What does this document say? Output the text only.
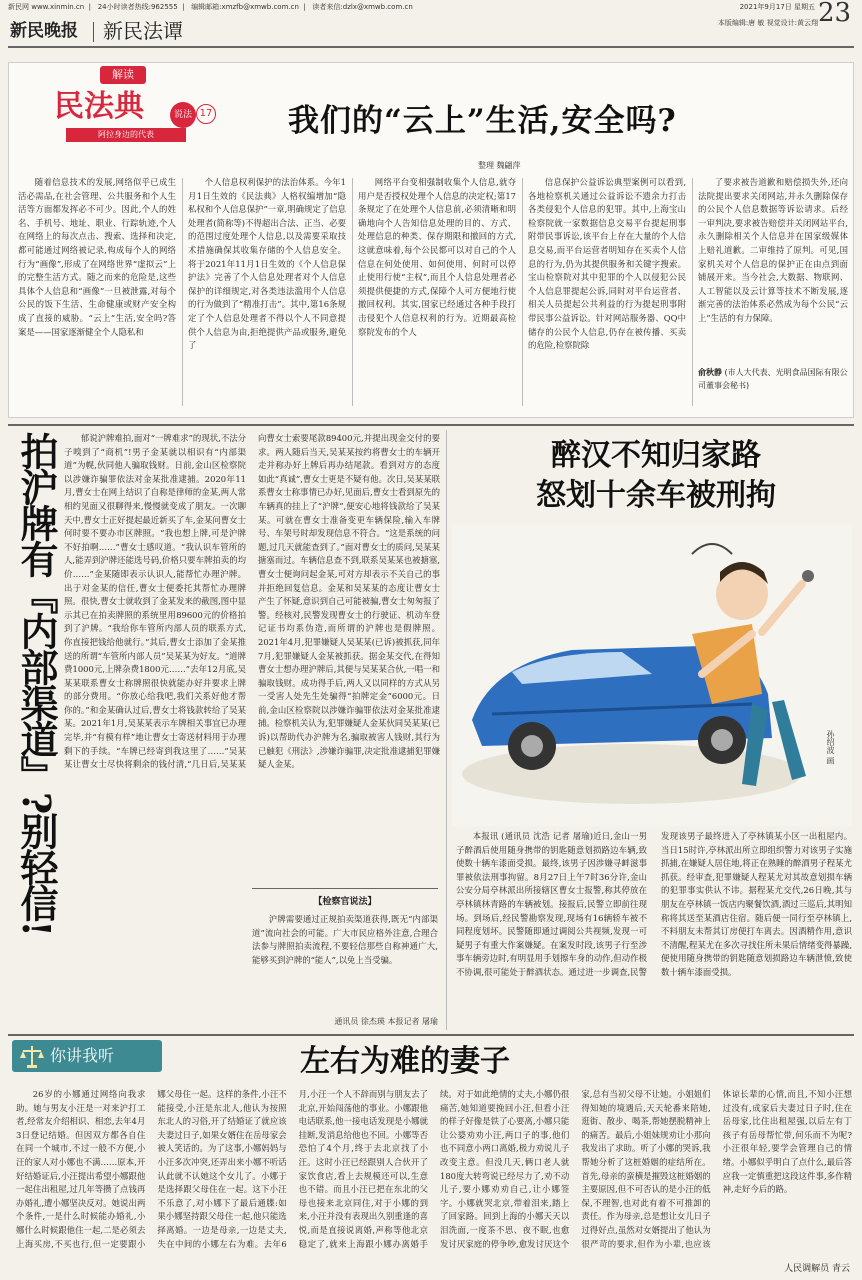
新民网 www.xinmin.cn  |   24小时读者热线:962555  |   编辑邮箱:xmzfb@xmwb.com.cn  |   读者来信:dzlx@xmwb.com.cn	2021年9月17日 星期五 23
新民晚报	新民法谭	本版编辑:唐 敏 视觉设计:黄云翔
解读
民法典	说法 17
阿拉身边的代表	我们的“云上”生活,安全吗?
整理 魏翩萍
随着信息技术的发展,网络似乎已成生活必需品,在社会管理、公共服务和个人生活等方面都发挥必不可少。因此,个人的姓名、手机号、地址、职业、行踪轨迹,个人在网络上的每次点击、搜索、选择和决定,都可能通过网络被记录,构成每个人的网络行为“画像”,形成了在网络世界“虚拟云”上的完整生活方式。随之而来的危险是,这些具体个人信息和“画像”一旦被泄露,对每个公民的饭下生活、生命健康或财产安全构成了直接的威胁。“云上”生活,安全吗?答案是——国家逐渐健全个人隐私和
个人信息权利保护的法治体系。今年1月1日生效的《民法典》人格权编增加“隐私权和个人信息保护”一章,明确规定了信息处理者(简称等)不得超出合法、正当、必要的范围过度处理个人信息,以及需要采取技术措施确保其收集存储的个人信息安全。将于2021年11月1日生效的《个人信息保护法》完善了个人信息处理者对个人信息保护的详细规定,对各类违法滥用个人信息的行为做到了“精准打击”。其中,第16条规定了个人信息处理者不得以个人不同意提供个人信息为由,拒绝提供产品或服务,避免了
网络平台变相强制收集个人信息,就夺用户是否授权处理个人信息的决定权;第17条规定了在处理个人信息前,必须清晰和明确地向个人告知信息处理的目的、方式、处理信息的种类、保存期限和撤回的方式,这就意味着,每个公民都可以对自己的个人信息在何处使用、如何使用、何时可以停止使用行使“主权”,而且个人信息处理者必须提供便捷的方式,保障个人可方便地行使撤回权利。其实,国家已经通过各种手段打击侵犯个人信息权利的行为。近期最高检察院发布的个人
信息保护公益诉讼典型案例可以看到,各地检察机关通过公益诉讼不遗余力打击各类侵犯个人信息的犯罪。其中,上海宝山检察院就一家数据信息交易平台提起刑事附带民事诉讼,该平台上存在大量的个人信息交易,而平台运营者明知存在买卖个人信息的行为,仍为其提供服务和关键字搜索。宝山检察院对其中犯罪的个人以侵犯公民个人信息罪提起公诉,同时对平台运营者、相关人员提起公共利益的行为提起刑事附带民事公益诉讼。针对网站服务器、QQ中储存的公民个人信息,仍存在被传播、买卖的危险,检察院除
了要求被告道歉和赔偿损失外,还向法院提出要求关闭网站,并永久删除保存的公民个人信息数据等诉讼请求。后经一审判决,要求被告赔偿并关闭网站平台,永久删除相关个人信息并在国家级媒体上赔礼道歉。二审维持了原判。可见,国家机关对个人信息的保护正在由点到面铺展开来。当今社会,大数据、物联网、人工智能以及云计算等技术不断发展,逐渐完善的法治体系必然成为每个公民“云上”生活的有力保障。
俞秋静 (市人大代表、光明食品国际有限公司董事会秘书)
拍沪牌有『内部渠道』?别轻信!	郁说沪牌难拍,面对“一牌难求”的现状,不法分子嗅到了“商机”!男子金某就以相识有“内部渠道”为幌,伙同他人骗取钱财。日前,金山区检察院以涉嫌诈骗罪依法对金某批准逮捕。2020年11月,曹女士在网上结识了自称是律师的金某,两人常相约见面又很聊得来,慢慢就变成了朋友。一次聊天中,曹女士正好提起最近新买了车,金某问曹女士何时要不要办市区牌照。“我也想上牌,可是沪牌不好拍啊……”曹女士感叹道。“我认识车管所的人,能弄到沪牌还能选号码,价格只要车牌拍卖的均价……”金某随即表示认识人,能帮忙办理沪牌。出于对金某的信任,曹女士便委托其帮忙办理牌照。很快,曹女士就收到了金某发来的截图,图中显示其已在拍卖牌照的系统里用89600元的价格拍到了沪牌。“我给你车管所内部人员的联系方式,你直接把钱给他就行。”其后,曹女士添加了金某推送的所谓“车管所内部人员”吴某某为好友。“道牌费1000元,上牌杂费1800元……”去年12月底,吴某某联系曹女士称牌照很快就能办好并要求上牌的部分费用。“你放心给我吧,我们关系好他才帮你的。”和金某确认过后,曹女士将钱款转给了吴某某。2021年1月,吴某某表示车牌相关事宜已办理完毕,并“有模有样”地让曹女士寄送材料用于办理剩下的手续。“车牌已经寄到我这里了……”吴某某让曹女士尽快将剩余的钱付清,“几日后,吴某某向曹女士索要尾款89400元,并提出现金交付的要求。两人随后当天,吴某某按约将曹女士的车辆开走并称办好上牌后再办结尾款。看到对方的态度如此“真诚”,曹女士更是不疑有他。次日,吴某某联系曹女士称事情已办好,见面后,曹女士看到原先的车辆真的挂上了“沪牌”,便安心地将钱款给了吴某某。可就在曹女士准备变更车辆保险,输入车牌号、车架号时却发现信息不符合。“这是系统的问题,过几天就能查到了。”面对曹女士的质问,吴某某搪塞而过。车辆信息查不到,联系吴某某也被搪塞,曹女士便询问起金某,可对方却表示不关自己的事并拒绝回复信息。金某和吴某某的态度让曹女士产生了怀疑,意识到自己可能被骗,曹女士匆匆报了警。经核对,民警发现曹女士的行驶证、机动车登记证书均系伪造,而所谓的沪牌也是假牌照。2021年4月,犯罪嫌疑人吴某某(已诉)被抓获,同年7月,犯罪嫌疑人金某被抓获。据金某交代,在得知曹女士想办理沪牌后,其便与吴某某合伙,一唱一和骗取钱财。成功得手后,两人又以同样的方式从另一受害人处先生处骗得“拍牌定金”6000元。日前,金山区检察院以涉嫌诈骗罪依法对金某批准逮捕。检察机关认为,犯罪嫌疑人金某伙同吴某某(已诉)以帮助代办沪牌为名,骗取被害人钱财,其行为已触犯《刑法》,涉嫌诈骗罪,决定批准逮捕犯罪嫌疑人金某。
【检察官说法】
沪牌需要通过正规拍卖渠道获得,既无“内部渠道”流向社会的可能。广大市民应格外注意,合理合法参与牌照拍卖流程,不要轻信那些自称神通广大,能够买到沪牌的“能人”,以免上当受骗。
通讯员 徐杰瑛 本报记者 屠瑜
醉汉不知归家路
怒划十余车被刑拘
孙绍波 画
本报讯 (通讯员 沈浩 记者 屠瑜)近日,金山一男子醉酒后使用随身携带的钥匙随意划损路边车辆,致使数十辆车漆面受损。最终,该男子因涉嫌寻衅滋事罪被依法刑事拘留。8月27日上午7时36分许,金山公安分局亭林派出所接辖区曹女士报警,称其停放在亭林镇林青路的车辆被划。接报后,民警立即前往现场。到场后,经民警勘察发现,现场有16辆轿车被不同程度划坏。民警随即通过调阅公共视频,发现一可疑男子有重大作案嫌疑。在案发时段,该男子行至涉事车辆旁边时,有明显用手划擦车身的动作,但动作极不协调,很可能处于醉酒状态。通过进一步调查,民警发现该男子最终进入了亭林镇某小区一出租屋内。当日15时许,亭林派出所立即组织警力对该男子实施抓捕,在嫌疑人居住地,将正在熟睡的醉酒男子程某尤抓获。经审查,犯罪嫌疑人程某尤对其故意划损车辆的犯罪事实供认不讳。据程某尤交代,26日晚,其与朋友在亭林镇一饭店内聚餐饮酒,酒过三巡后,其明知称将其送至某酒店住宿。随后便一同行至亭林镇上,不料朋友未帮其订房便打车离去。因酒精作用,意识不清醒,程某尤在多次寻找住所未果后情绪变得暴躁,便使用随身携带的钥匙随意划损路边车辆泄愤,致使数十辆车漆面受损。
你讲我听	左右为难的妻子
26岁的小娜通过网络向我求助。她与男友小汪是一对来沪打工者,经常友介绍相识、相恋,去年4月3日登记结婚。但因双方都各自住在同一个城市,不过一般不方便,小汪的家人对小娜也不满……原本,开好结婚证后,小汪提出希望小娜跟他一起住出租屋,过几年等攒了点钱再办婚礼,遭小娜坚决反对。她说出两个条件,一是什么时候能办婚礼,小娜什么时候跟他住一起,二是必须去上海买房,不买也行,但一定要跟小娜父母住一起。这样的条件,小汪不能接受,小汪是东北人,他认为按照东北人的习俗,开了结婚证了就应该夫妻过日子,如果女婿住在岳母家会被人笑话的。为了这事,小娜妈妈与小汪多次冲突,还弄出来小娜不听话认此就不认她这个女儿了。小娜于是选择跟父母住在一起。这下小汪不乐意了,对小娜下了最后通牒:如果小娜坚持跟父母住一起,他只能选择离婚。一边是母亲,一边是丈夫,失在中间的小娜左右为难。去年6月,小汪一个人不辞而别与朋友去了北京,开始闯荡他的事业。小娜跟他电话联系,他一接电话发现是小娜就挂断,发消息给他也不回。小娜等否恐怕了4个月,终于去北京找了小汪。这时小汪已经跟别人合伙开了家饮食店,看上去规模还可以,生意也不错。而且小汪已把在东北的父母也接来北京同住,对于小娜的到来,小汪并没有表现出久别重逢的喜悦,而是直接说离婚,声称等他北京稳定了,就来上海跟小娜办离婚手续。对于如此绝情的丈夫,小娜仍很痛苦,她知道要挽回小汪,但看小汪的样子好像是铁了心要离,小娜只能让公婆劝劝小汪,两口子的事,他们也不同意小两口离婚,极力劝说儿子改变主意。但没几天,俩口老人就180度大转弯说已经尽力了,劝不动儿子,要小娜劝劝自己,让小娜签字。小娜就哭北京,带着泪来,踏上了回家路。回到上海的小娜天天以泪洗面,一度茶不思、夜不眠,也愈发讨厌家庭的停争吵,愈发讨厌这个家,总有当初父母不让她。小姐姐们得知她的境遇后,天天轮番来陪她,逛街、散步、喝茶,帮她摆脱精神上的痛苦。最后,小姐妹规劝让小那向我发出了求助。听了小娜的哭诉,我帮她分析了这桩婚姻的症结所在。首先,母亲的蛮横是摧毁这桩婚姻的主要原因,但不可否认的是小汪的低保,不理智,也对此有着不可推卸的责任。作为母亲,总是想让女儿日子过得好点,虽然对女婿提出了他认为很严苛的要求,但作为小辈,也应该体谅长辈的心情,而且,不知小汪想过没有,成家后夫妻过日子时,住在岳母家,比住出租屋强,以后左有丁孩子有岳母帮忙带,何乐而不为呢?小汪很年轻,要学会管理自己的情绪。小娜似乎明白了点什么,最后答应我一定慎重把这段这件事,多作精神,走好今后的路。
人民调解员 青云
